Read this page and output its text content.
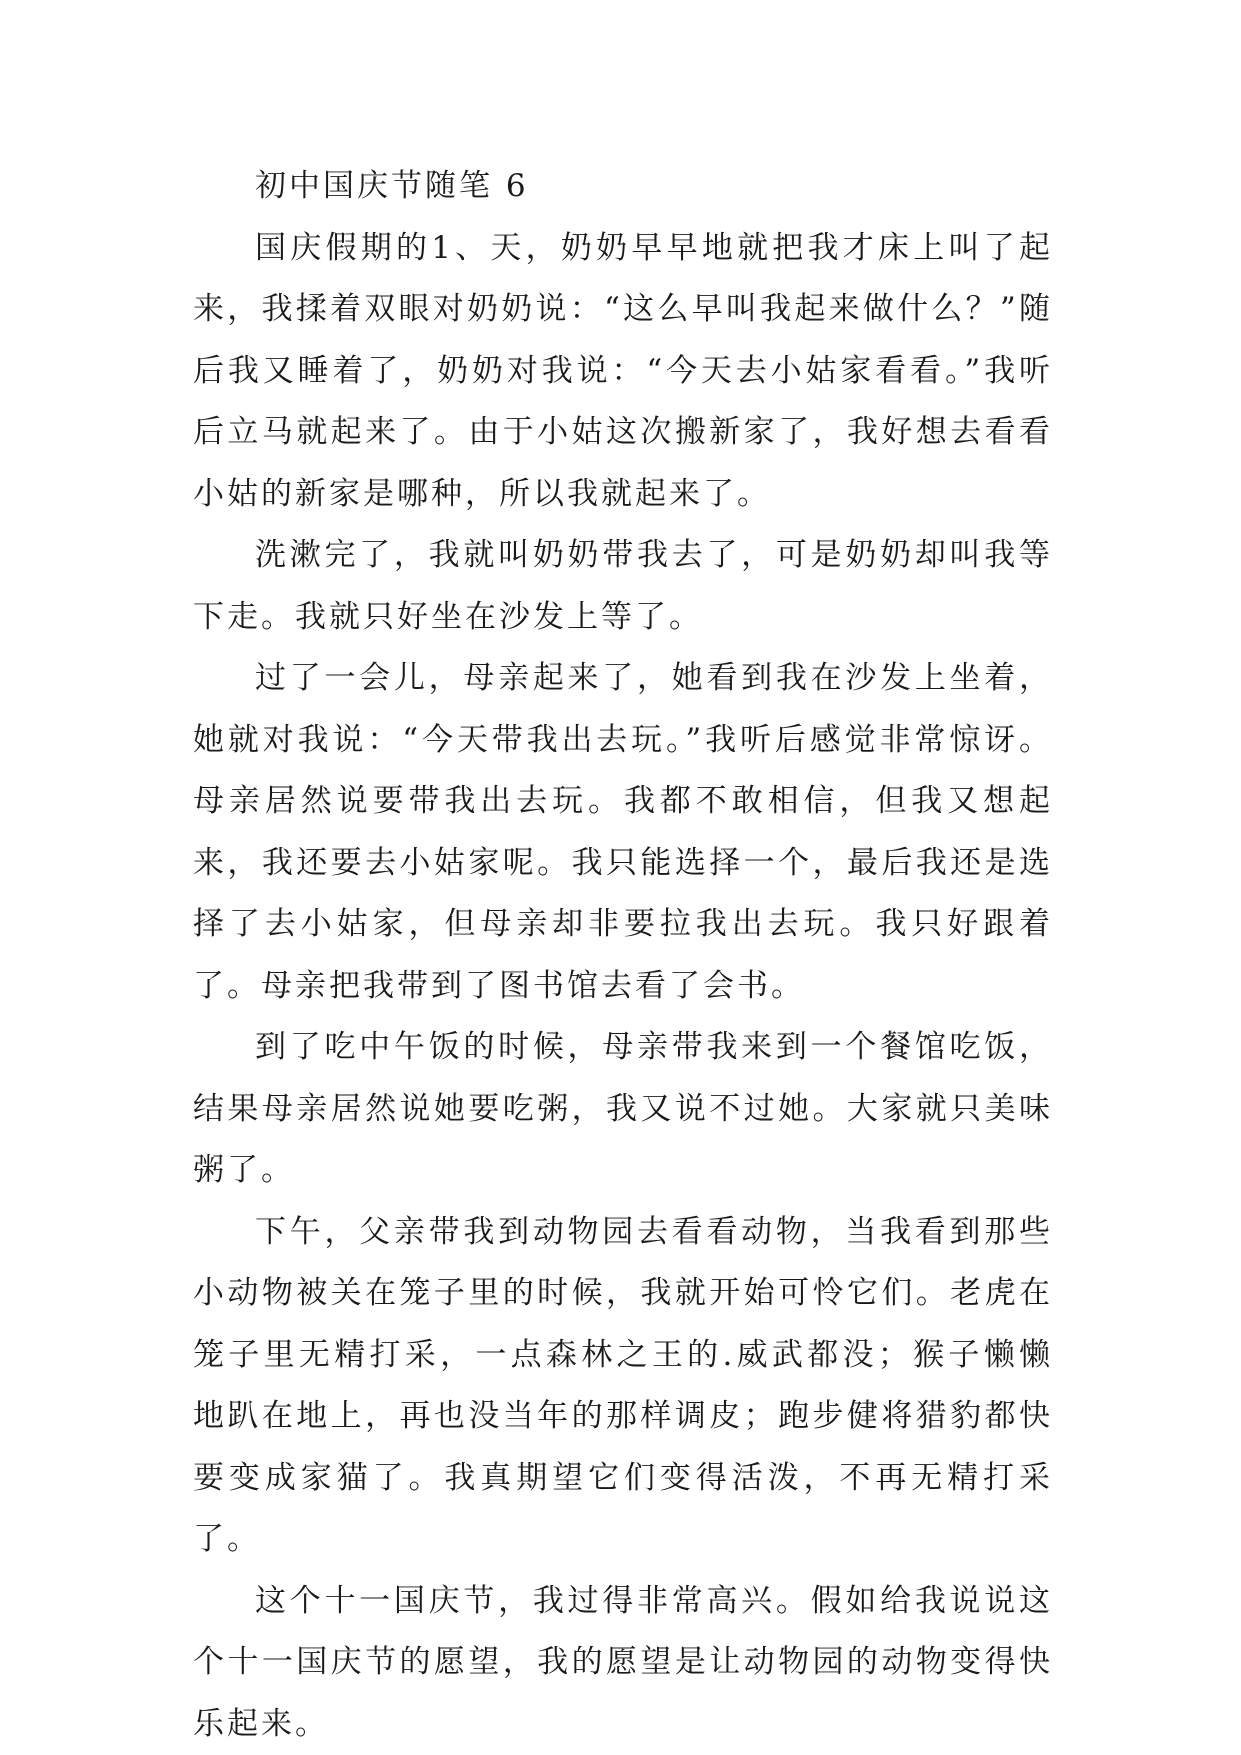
初中国庆节随笔 6

国庆假期的1、天，奶奶早早地就把我才床上叫了起来，我揉着双眼对奶奶说：“这么早叫我起来做什么？”随后我又睡着了，奶奶对我说：“今天去小姑家看看。”我听后立马就起来了。由于小姑这次搬新家了，我好想去看看小姑的新家是哪种，所以我就起来了。

洗漱完了，我就叫奶奶带我去了，可是奶奶却叫我等下走。我就只好坐在沙发上等了。

过了一会儿，母亲起来了，她看到我在沙发上坐着，她就对我说：“今天带我出去玩。”我听后感觉非常惊讶。母亲居然说要带我出去玩。我都不敢相信，但我又想起来，我还要去小姑家呢。我只能选择一个，最后我还是选择了去小姑家，但母亲却非要拉我出去玩。我只好跟着了。母亲把我带到了图书馆去看了会书。

到了吃中午饭的时候，母亲带我来到一个餐馆吃饭，结果母亲居然说她要吃粥，我又说不过她。大家就只美味粥了。

下午，父亲带我到动物园去看看动物，当我看到那些小动物被关在笼子里的时候，我就开始可怜它们。老虎在笼子里无精打采，一点森林之王的.威武都没；猴子懒懒地趴在地上，再也没当年的那样调皮；跑步健将猎豹都快要变成家猫了。我真期望它们变得活泼，不再无精打采了。

这个十一国庆节，我过得非常高兴。假如给我说说这个十一国庆节的愿望，我的愿望是让动物园的动物变得快乐起来。
